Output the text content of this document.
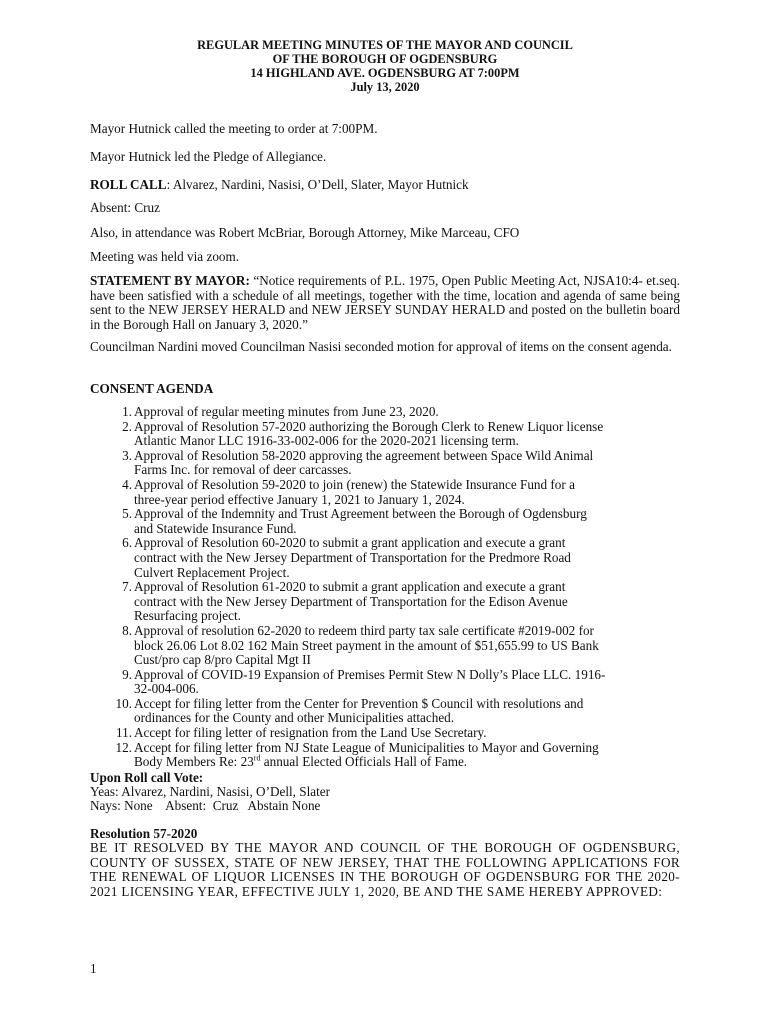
REGULAR MEETING MINUTES OF THE MAYOR AND COUNCIL
OF THE BOROUGH OF OGDENSBURG
14 HIGHLAND AVE. OGDENSBURG AT 7:00PM
July 13, 2020
Mayor Hutnick called the meeting to order at 7:00PM.
Mayor Hutnick led the Pledge of Allegiance.
ROLL CALL: Alvarez, Nardini, Nasisi, O’Dell, Slater, Mayor Hutnick
Absent: Cruz
Also, in attendance was Robert McBriar, Borough Attorney, Mike Marceau, CFO
Meeting was held via zoom.
STATEMENT BY MAYOR: “Notice requirements of P.L. 1975, Open Public Meeting Act, NJSA10:4- et.seq. have been satisfied with a schedule of all meetings, together with the time, location and agenda of same being sent to the NEW JERSEY HERALD and NEW JERSEY SUNDAY HERALD and posted on the bulletin board in the Borough Hall on January 3, 2020.”
Councilman Nardini moved Councilman Nasisi seconded motion for approval of items on the consent agenda.
CONSENT AGENDA
1. Approval of regular meeting minutes from June 23, 2020.
2. Approval of Resolution 57-2020 authorizing the Borough Clerk to Renew Liquor license
Atlantic Manor LLC 1916-33-002-006 for the 2020-2021 licensing term.
3. Approval of Resolution 58-2020 approving the agreement between Space Wild Animal
Farms Inc. for removal of deer carcasses.
4. Approval of Resolution 59-2020 to join (renew) the Statewide Insurance Fund for a
three-year period effective January 1, 2021 to January 1, 2024.
5. Approval of the Indemnity and Trust Agreement between the Borough of Ogdensburg
and Statewide Insurance Fund.
6. Approval of Resolution 60-2020 to submit a grant application and execute a grant
contract with the New Jersey Department of Transportation for the Predmore Road
Culvert Replacement Project.
7. Approval of Resolution 61-2020 to submit a grant application and execute a grant
contract with the New Jersey Department of Transportation for the Edison Avenue
Resurfacing project.
8. Approval of resolution 62-2020 to redeem third party tax sale certificate #2019-002 for
block 26.06 Lot 8.02 162 Main Street payment in the amount of $51,655.99 to US Bank
Cust/pro cap 8/pro Capital Mgt II
9. Approval of COVID-19 Expansion of Premises Permit Stew N Dolly’s Place LLC. 1916-
32-004-006.
10. Accept for filing letter from the Center for Prevention $ Council with resolutions and
ordinances for the County and other Municipalities attached.
11. Accept for filing letter of resignation from the Land Use Secretary.
12. Accept for filing letter from NJ State League of Municipalities to Mayor and Governing
Body Members Re: 23rd annual Elected Officials Hall of Fame.
Upon Roll call Vote:
Yeas: Alvarez, Nardini, Nasisi, O’Dell, Slater
Nays: None    Absent:  Cruz   Abstain None
Resolution 57-2020
BE IT RESOLVED BY THE MAYOR AND COUNCIL OF THE BOROUGH OF OGDENSBURG, COUNTY OF SUSSEX, STATE OF NEW JERSEY, THAT THE FOLLOWING APPLICATIONS FOR THE RENEWAL OF LIQUOR LICENSES IN THE BOROUGH OF OGDENSBURG FOR THE 2020-2021 LICENSING YEAR, EFFECTIVE JULY 1, 2020, BE AND THE SAME HEREBY APPROVED:
1
